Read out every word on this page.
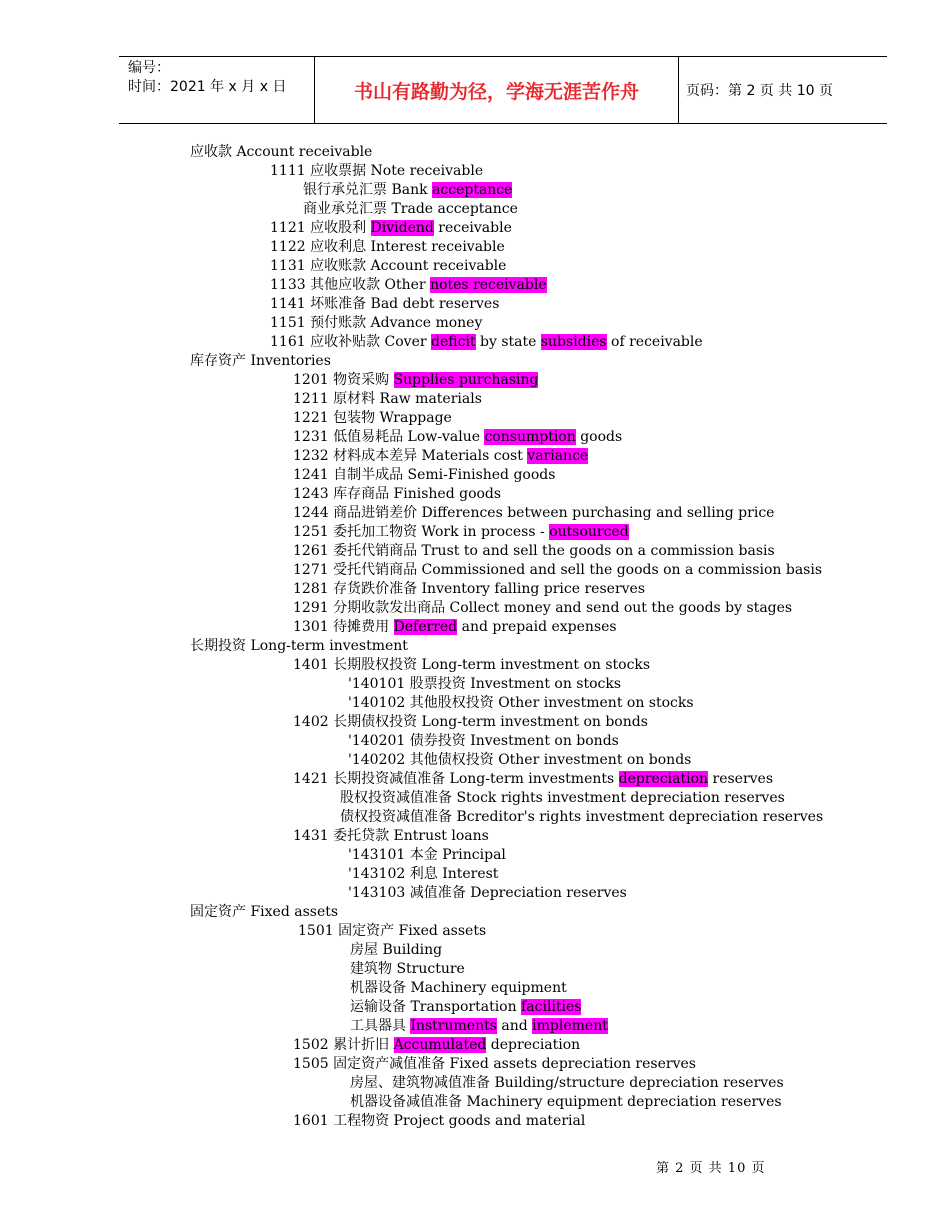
编号：
时间：2021 年 x 月 x 日	书山有路勤为径，学海无涯苦作舟	页码：第 2 页 共 10 页
应收款 Account receivable
1111 应收票据 Note receivable
银行承兑汇票 Bank acceptance
商业承兑汇票 Trade acceptance
1121 应收股利 Dividend receivable
1122 应收利息 Interest receivable
1131 应收账款 Account receivable
1133 其他应收款 Other notes receivable
1141 坏账准备 Bad debt reserves
1151 预付账款 Advance money
1161 应收补贴款 Cover deficit by state subsidies of receivable
库存资产 Inventories
1201 物资采购 Supplies purchasing
1211 原材料 Raw materials
1221 包装物 Wrappage
1231 低值易耗品 Low-value consumption goods
1232 材料成本差异 Materials cost variance
1241 自制半成品 Semi-Finished goods
1243 库存商品 Finished goods
1244 商品进销差价 Differences between purchasing and selling price
1251 委托加工物资 Work in process - outsourced
1261 委托代销商品 Trust to and sell the goods on a commission basis
1271 受托代销商品 Commissioned and sell the goods on a commission basis
1281 存货跌价准备 Inventory falling price reserves
1291 分期收款发出商品 Collect money and send out the goods by stages
1301 待摊费用 Deferred and prepaid expenses
长期投资 Long-term investment
1401 长期股权投资 Long-term investment on stocks
'140101 股票投资 Investment on stocks
'140102 其他股权投资 Other investment on stocks
1402 长期债权投资 Long-term investment on bonds
'140201 债券投资 Investment on bonds
'140202 其他债权投资 Other investment on bonds
1421 长期投资减值准备 Long-term investments depreciation reserves
股权投资减值准备 Stock rights investment depreciation reserves
债权投资减值准备 Bcreditor's rights investment depreciation reserves
1431 委托贷款 Entrust loans
'143101 本金 Principal
'143102 利息 Interest
'143103 减值准备 Depreciation reserves
固定资产 Fixed assets
1501 固定资产 Fixed assets
房屋 Building
建筑物 Structure
机器设备 Machinery equipment
运输设备 Transportation facilities
工具器具 Instruments and implement
1502 累计折旧 Accumulated depreciation
1505 固定资产减值准备 Fixed assets depreciation reserves
房屋、建筑物减值准备 Building/structure depreciation reserves
机器设备减值准备 Machinery equipment depreciation reserves
1601 工程物资 Project goods and material
第 2 页 共 10 页
